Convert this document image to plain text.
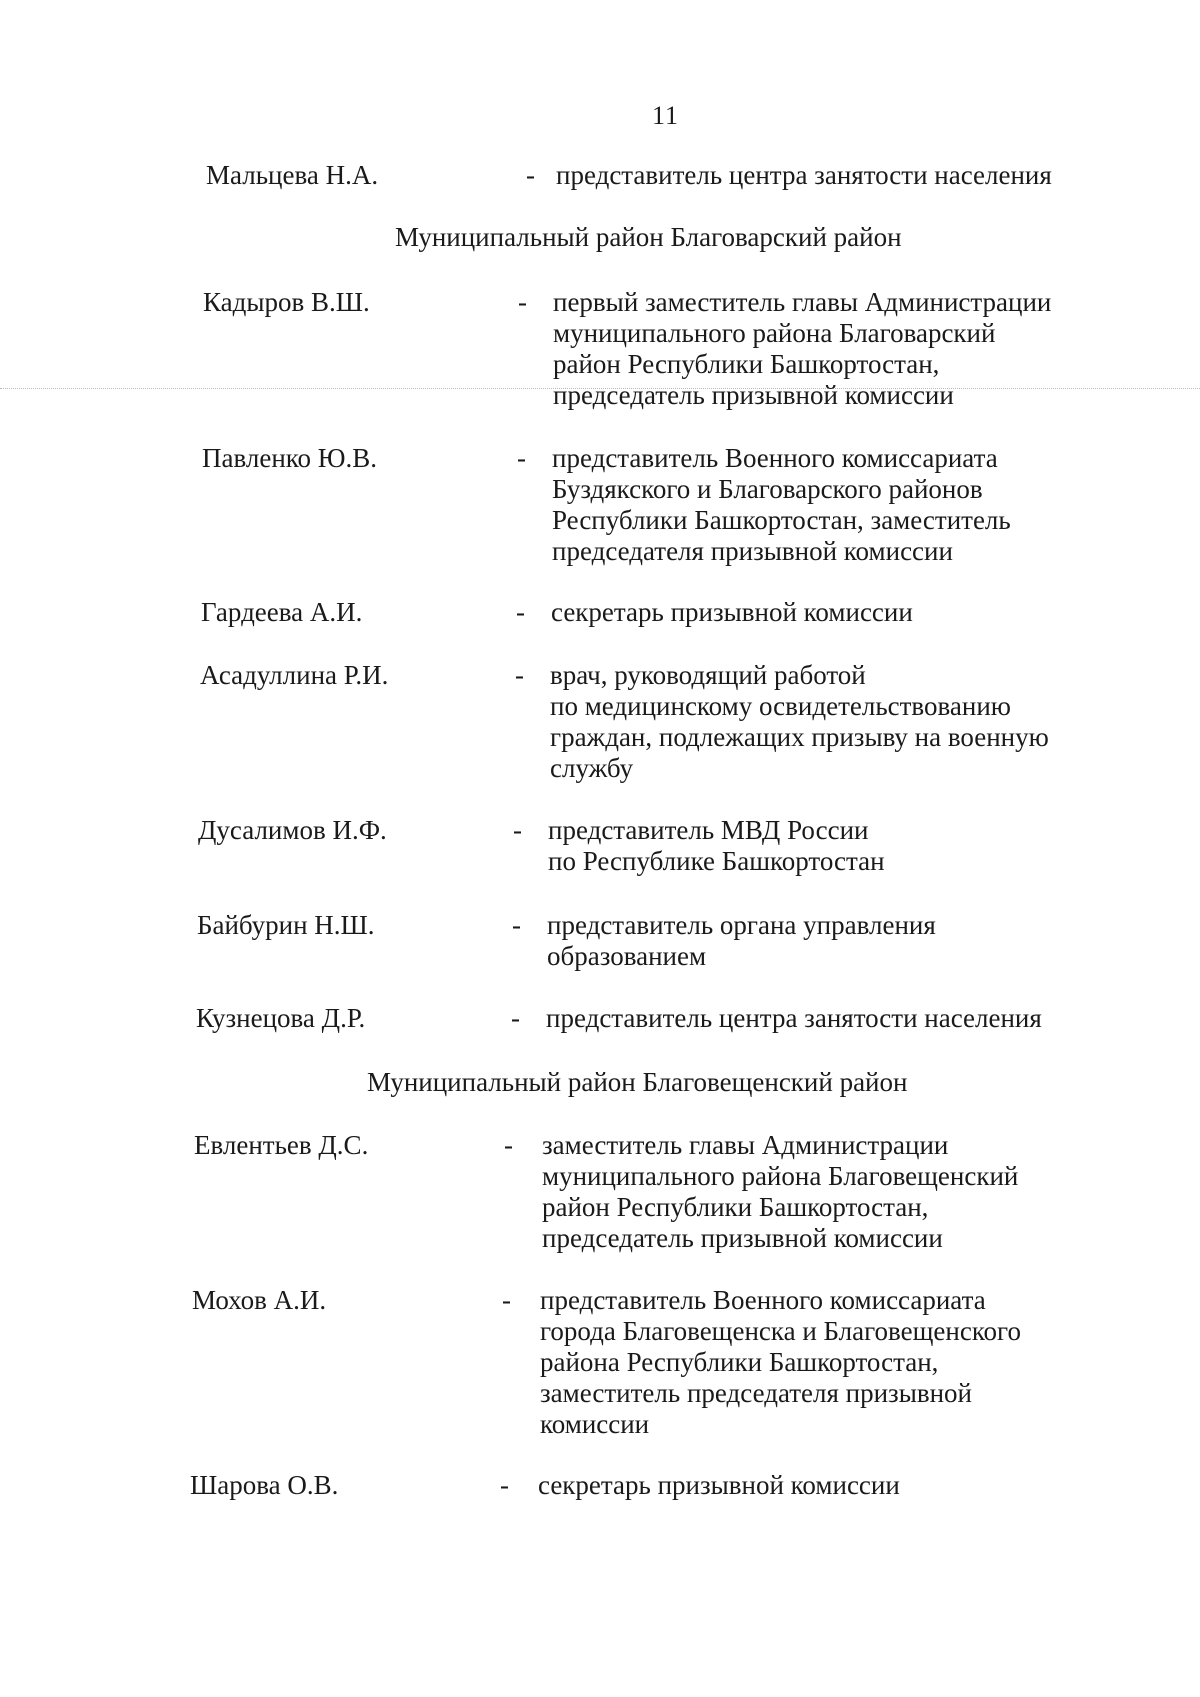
11
Мальцева Н.А.	- представитель центра занятости населения
Муниципальный район Благоварский район
Кадыров В.Ш.	- первый заместитель главы Администрации
муниципального района Благоварский
район Республики Башкортостан,
председатель призывной комиссии
Павленко Ю.В.	- представитель Военного комиссариата
Буздякского и Благоварского районов
Республики Башкортостан, заместитель
председателя призывной комиссии
Гардеева А.И.	- секретарь призывной комиссии
Асадуллина Р.И.	- врач, руководящий работой
по медицинскому освидетельствованию
граждан, подлежащих призыву на военную
службу
Дусалимов И.Ф.	- представитель МВД России
по Республике Башкортостан
Байбурин Н.Ш.	- представитель органа управления
образованием
Кузнецова Д.Р.	- представитель центра занятости населения
Муниципальный район Благовещенский район
Евлентьев Д.С.	- заместитель главы Администрации
муниципального района Благовещенский
район Республики Башкортостан,
председатель призывной комиссии
Мохов А.И.	- представитель Военного комиссариата
города Благовещенска и Благовещенского
района Республики Башкортостан,
заместитель председателя призывной
комиссии
Шарова О.В.	- секретарь призывной комиссии
